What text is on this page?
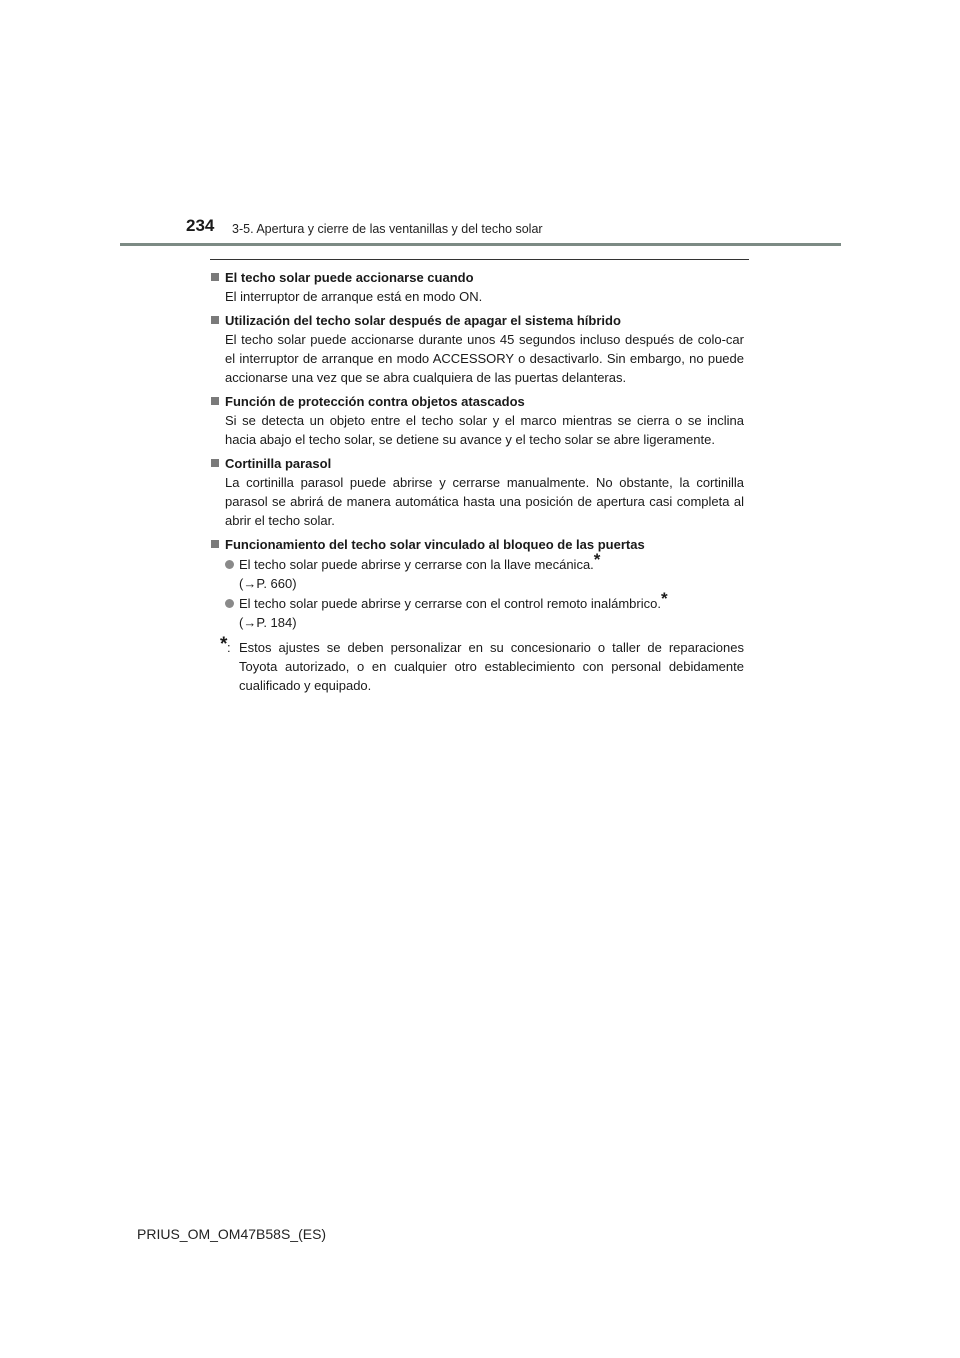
234 3-5. Apertura y cierre de las ventanillas y del techo solar
El techo solar puede accionarse cuando
El interruptor de arranque está en modo ON.
Utilización del techo solar después de apagar el sistema híbrido
El techo solar puede accionarse durante unos 45 segundos incluso después de colo-car el interruptor de arranque en modo ACCESSORY o desactivarlo. Sin embargo, no puede accionarse una vez que se abra cualquiera de las puertas delanteras.
Función de protección contra objetos atascados
Si se detecta un objeto entre el techo solar y el marco mientras se cierra o se inclina hacia abajo el techo solar, se detiene su avance y el techo solar se abre ligeramente.
Cortinilla parasol
La cortinilla parasol puede abrirse y cerrarse manualmente. No obstante, la cortinilla parasol se abrirá de manera automática hasta una posición de apertura casi completa al abrir el techo solar.
Funcionamiento del techo solar vinculado al bloqueo de las puertas
El techo solar puede abrirse y cerrarse con la llave mecánica.*
(→P. 660)
El techo solar puede abrirse y cerrarse con el control remoto inalámbrico.*
(→P. 184)
* : Estos ajustes se deben personalizar en su concesionario o taller de reparaciones Toyota autorizado, o en cualquier otro establecimiento con personal debidamente cualificado y equipado.
PRIUS_OM_OM47B58S_(ES)
